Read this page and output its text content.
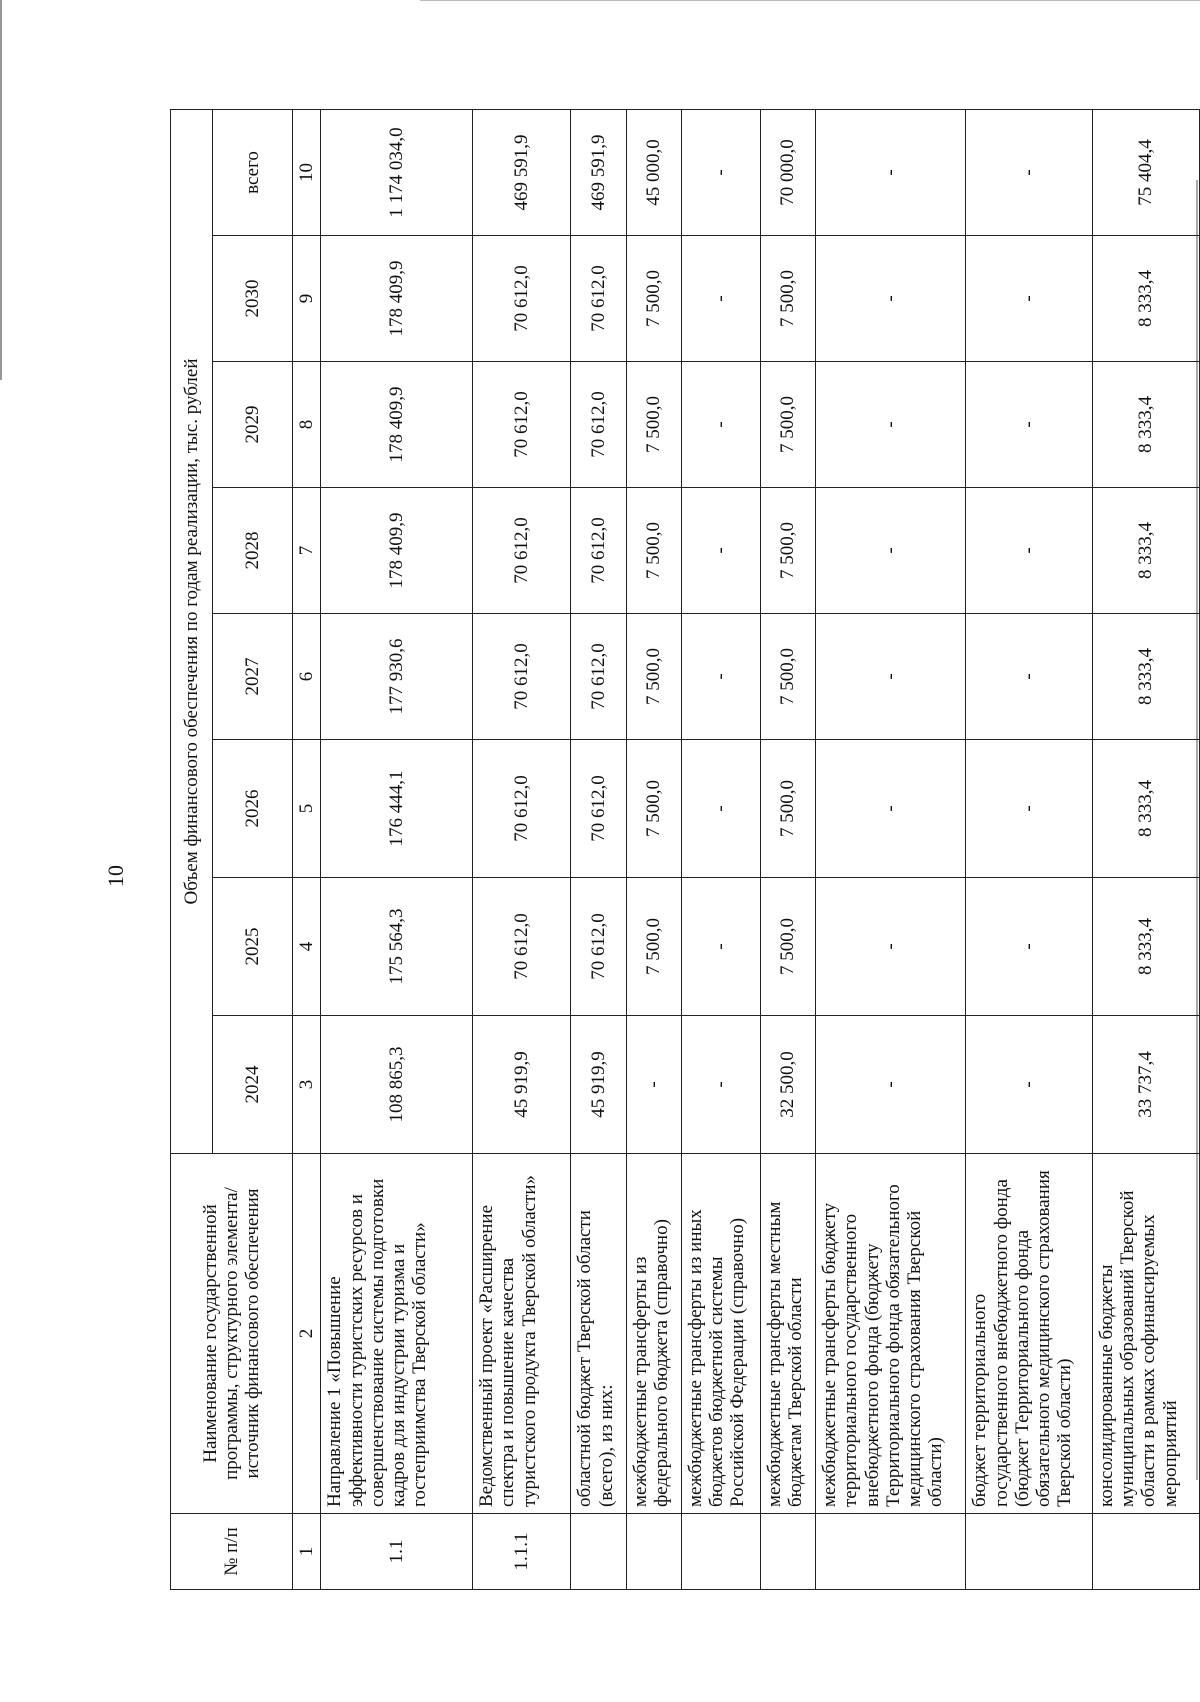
10
№ п/п	Наименование государственной программы, структурного элемента/источник финансового обеспечения	Объем финансового обеспечения по годам реализации, тыс. рублей							
		2024	2025	2026	2027	2028	2029	2030	всего
1	2	3	4	5	6	7	8	9	10
1.1	Направление 1 «Повышение эффективности туристских ресурсов и совершенствование системы подготовки кадров для индустрии туризма и гостеприимства Тверской области»	108 865,3	175 564,3	176 444,1	177 930,6	178 409,9	178 409,9	178 409,9	1 174 034,0
1.1.1	Ведомственный проект «Расширение спектра и повышение качества туристского продукта Тверской области»	45 919,9	70 612,0	70 612,0	70 612,0	70 612,0	70 612,0	70 612,0	469 591,9
	областной бюджет Тверской области (всего), из них:	45 919,9	70 612,0	70 612,0	70 612,0	70 612,0	70 612,0	70 612,0	469 591,9
	межбюджетные трансферты из федерального бюджета (справочно)	-	7 500,0	7 500,0	7 500,0	7 500,0	7 500,0	7 500,0	45 000,0
	межбюджетные трансферты из иных бюджетов бюджетной системы Российской Федерации (справочно)	-	-	-	-	-	-	-	-
	межбюджетные трансферты местным бюджетам Тверской области	32 500,0	7 500,0	7 500,0	7 500,0	7 500,0	7 500,0	7 500,0	70 000,0
	межбюджетные трансферты бюджету территориального государственного внебюджетного фонда (бюджету Территориального фонда обязательного медицинского страхования Тверской области)	-	-	-	-	-	-	-	-
	бюджет территориального государственного внебюджетного фонда (бюджет Территориального фонда обязательного медицинского страхования Тверской области)	-	-	-	-	-	-	-	-
	консолидированные бюджеты муниципальных образований Тверской области в рамках софинансируемых мероприятий	33 737,4	8 333,4	8 333,4	8 333,4	8 333,4	8 333,4	8 333,4	75 404,4
